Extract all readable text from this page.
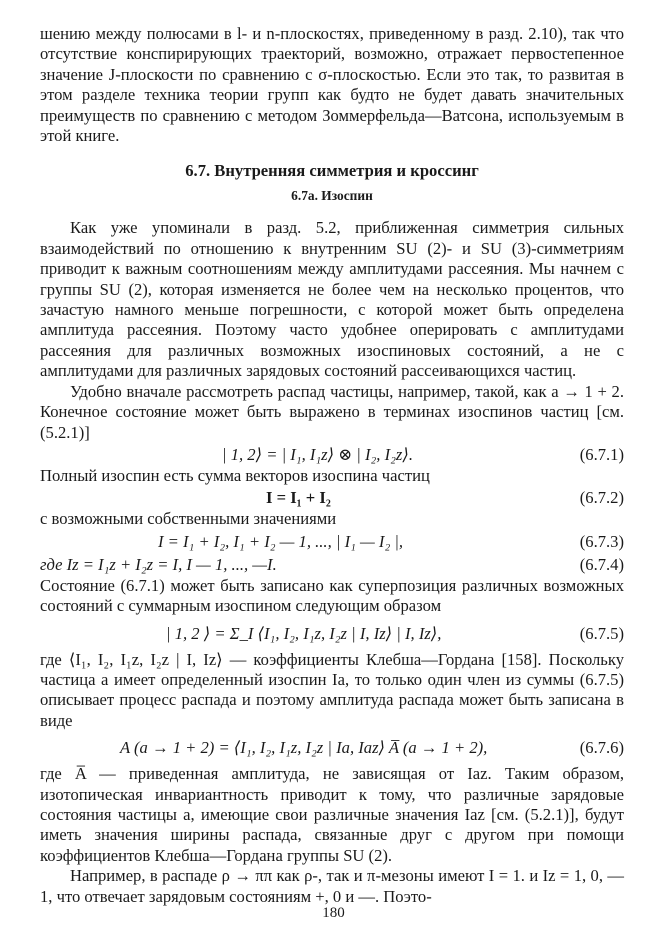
шению между полюсами в l- и n-плоскостях, приведенному в разд. 2.10), так что отсутствие конспирирующих траекторий, возможно, отражает первостепенное значение J-плоскости по сравнению с σ-плоскостью. Если это так, то развитая в этом разделе техника теории групп как будто не будет давать значительных преимуществ по сравнению с методом Зоммерфельда—Ватсона, используемым в этой книге.

6.7. Внутренняя симметрия и кроссинг
6.7а. Изоспин

Как уже упоминали в разд. 5.2, приближенная симметрия сильных взаимодействий по отношению к внутренним SU (2)- и SU (3)-симметриям приводит к важным соотношениям между амплитудами рассеяния. Мы начнем с группы SU (2), которая изменяется не более чем на несколько процентов, что зачастую намного меньше погрешности, с которой может быть определена амплитуда рассеяния. Поэтому часто удобнее оперировать с амплитудами рассеяния для различных возможных изоспиновых состояний, а не с амплитудами для различных зарядовых состояний рассеивающихся частиц.

Удобно вначале рассмотреть распад частицы, например, такой, как a → 1 + 2. Конечное состояние может быть выражено в терминах изоспинов частиц [см. (5.2.1)]

| 1, 2⟩ = | I₁, I₁z⟩ ⊗ | I₂, I₂z⟩.	(6.7.1)

Полный изоспин есть сумма векторов изоспина частиц

I = I₁ + I₂	(6.7.2)

с возможными собственными значениями

I = I₁ + I₂, I₁ + I₂ — 1, ..., | I₁ — I₂ |,	(6.7.3)
где Iz = I₁z + I₂z = I, I — 1, ..., —I.	(6.7.4)

Состояние (6.7.1) может быть записано как суперпозиция различных возможных состояний с суммарным изоспином следующим образом

| 1, 2 ⟩ = Σ_I ⟨I₁, I₂, I₁z, I₂z | I, Iz⟩ | I, Iz⟩,	(6.7.5)

где ⟨I₁, I₂, I₁z, I₂z | I, Iz⟩ — коэффициенты Клебша—Гордана [158]. Поскольку частица a имеет определенный изоспин Ia, то только один член из суммы (6.7.5) описывает процесс распада и поэтому амплитуда распада может быть записана в виде

A (a → 1 + 2) = ⟨I₁, I₂, I₁z, I₂z | Ia, Iaz⟩ A̅ (a → 1 + 2),	(6.7.6)

где A̅ — приведенная амплитуда, не зависящая от Iaz. Таким образом, изотопическая инвариантность приводит к тому, что различные зарядовые состояния частицы a, имеющие свои различные значения Iaz [см. (5.2.1)], будут иметь значения ширины распада, связанные друг с другом при помощи коэффициентов Клебша—Гордана группы SU (2).

Например, в распаде ρ → ππ как ρ-, так и π-мезоны имеют I = 1. и Iz = 1, 0, —1, что отвечает зарядовым состояниям +, 0 и —. Поэто-

180
